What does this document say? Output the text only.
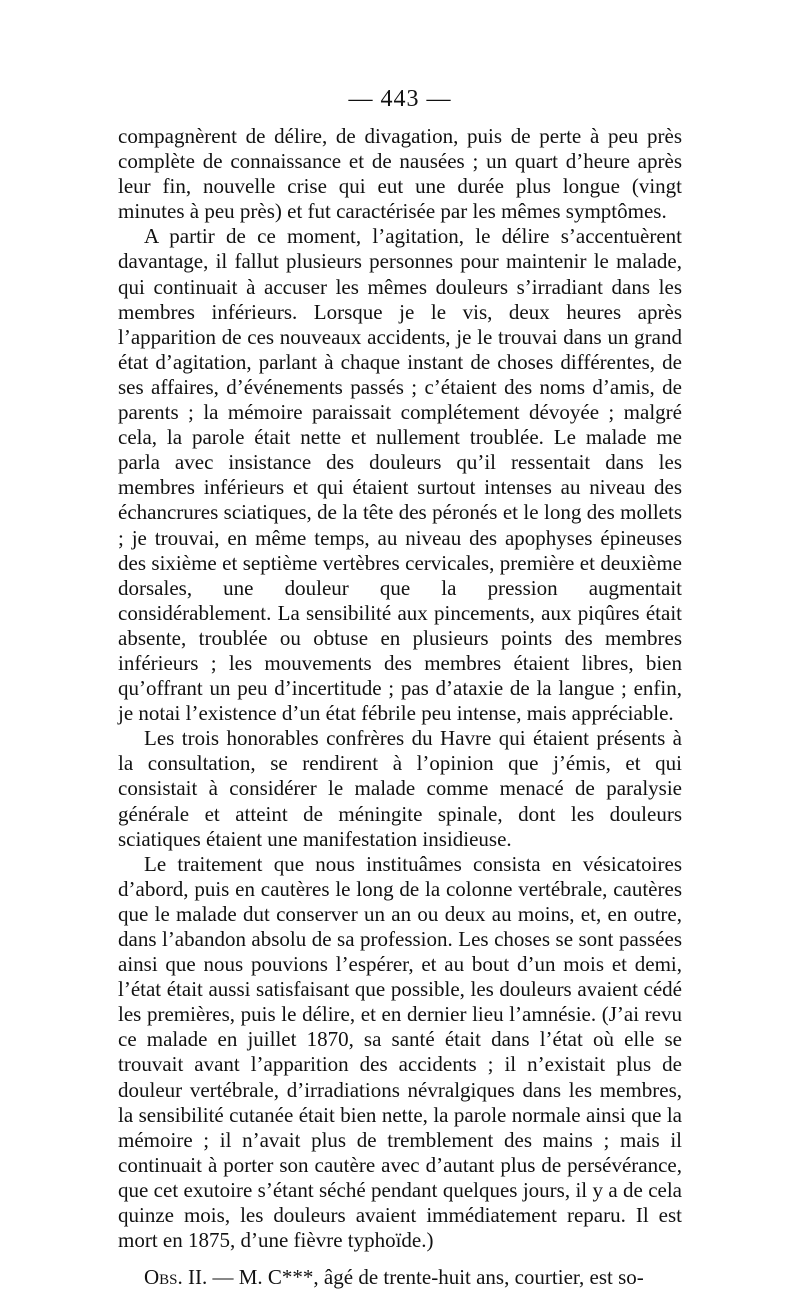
— 443 —

compagnèrent de délire, de divagation, puis de perte à peu près complète de connaissance et de nausées ; un quart d’heure après leur fin, nouvelle crise qui eut une durée plus longue (vingt minutes à peu près) et fut caractérisée par les mêmes symptômes.

A partir de ce moment, l’agitation, le délire s’accentuèrent davantage, il fallut plusieurs personnes pour maintenir le malade, qui continuait à accuser les mêmes douleurs s’irradiant dans les membres inférieurs. Lorsque je le vis, deux heures après l’apparition de ces nouveaux accidents, je le trouvai dans un grand état d’agitation, parlant à chaque instant de choses différentes, de ses affaires, d’événements passés ; c’étaient des noms d’amis, de parents ; la mémoire paraissait complétement dévoyée ; malgré cela, la parole était nette et nullement troublée. Le malade me parla avec insistance des douleurs qu’il ressentait dans les membres inférieurs et qui étaient surtout intenses au niveau des échancrures sciatiques, de la tête des péronés et le long des mollets ; je trouvai, en même temps, au niveau des apophyses épineuses des sixième et septième vertèbres cervicales, première et deuxième dorsales, une douleur que la pression augmentait considérablement. La sensibilité aux pincements, aux piqûres était absente, troublée ou obtuse en plusieurs points des membres inférieurs ; les mouvements des membres étaient libres, bien qu’offrant un peu d’incertitude ; pas d’ataxie de la langue ; enfin, je notai l’existence d’un état fébrile peu intense, mais appréciable.

Les trois honorables confrères du Havre qui étaient présents à la consultation, se rendirent à l’opinion que j’émis, et qui consistait à considérer le malade comme menacé de paralysie générale et atteint de méningite spinale, dont les douleurs sciatiques étaient une manifestation insidieuse.

Le traitement que nous instituâmes consista en vésicatoires d’abord, puis en cautères le long de la colonne vertébrale, cautères que le malade dut conserver un an ou deux au moins, et, en outre, dans l’abandon absolu de sa profession. Les choses se sont passées ainsi que nous pouvions l’espérer, et au bout d’un mois et demi, l’état était aussi satisfaisant que possible, les douleurs avaient cédé les premières, puis le délire, et en dernier lieu l’amnésie. (J’ai revu ce malade en juillet 1870, sa santé était dans l’état où elle se trouvait avant l’apparition des accidents ; il n’existait plus de douleur vertébrale, d’irradiations névralgiques dans les membres, la sensibilité cutanée était bien nette, la parole normale ainsi que la mémoire ; il n’avait plus de tremblement des mains ; mais il continuait à porter son cautère avec d’autant plus de persévérance, que cet exutoire s’étant séché pendant quelques jours, il y a de cela quinze mois, les douleurs avaient immédiatement reparu. Il est mort en 1875, d’une fièvre typhoïde.)

Obs. II. — M. C***, âgé de trente-huit ans, courtier, est so-
